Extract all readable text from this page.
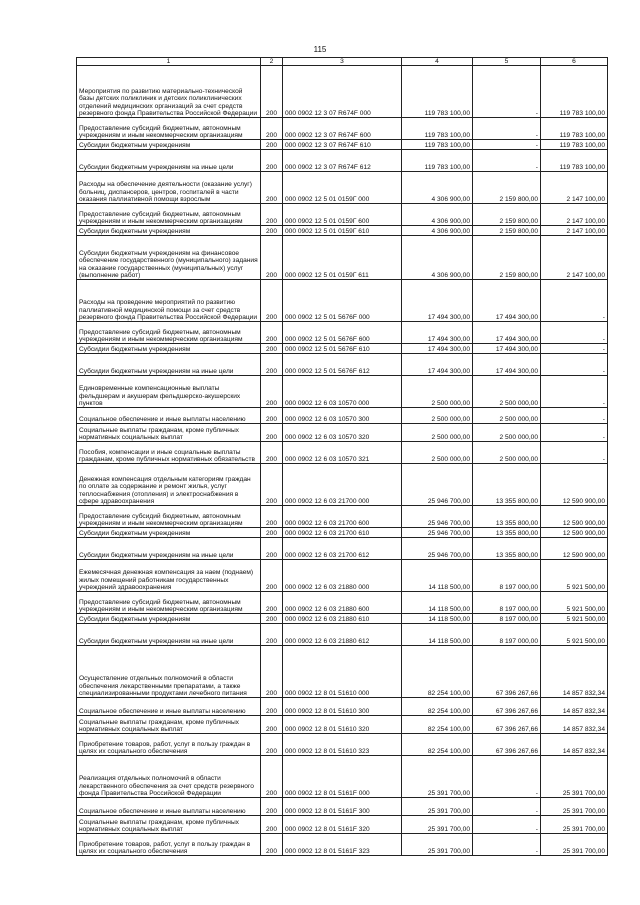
115
1	2	3	4	5	6
Мероприятия по развитию материально-технической базы детских поликлиник и детских поликлинических отделений медицинских организаций за счет средств резервного фонда Правительства Российской Федерации	200	000 0902 12 3 07 R674F 000	119 783 100,00	-	119 783 100,00
Предоставление субсидий бюджетным, автономным учреждениям и иным некоммерческим организациям	200	000 0902 12 3 07 R674F 600	119 783 100,00	-	119 783 100,00
Субсидии бюджетным учреждениям	200	000 0902 12 3 07 R674F 610	119 783 100,00	-	119 783 100,00
Субсидии бюджетным учреждениям на иные цели	200	000 0902 12 3 07 R674F 612	119 783 100,00	-	119 783 100,00
Расходы на обеспечение деятельности (оказание услуг) больниц, диспансеров, центров, госпиталей в части оказания паллиативной помощи взрослым	200	000 0902 12 5 01 0159Г 000	4 306 900,00	2 159 800,00	2 147 100,00
Предоставление субсидий бюджетным, автономным учреждениям и иным некоммерческим организациям	200	000 0902 12 5 01 0159Г 600	4 306 900,00	2 159 800,00	2 147 100,00
Субсидии бюджетным учреждениям	200	000 0902 12 5 01 0159Г 610	4 306 900,00	2 159 800,00	2 147 100,00
Субсидии бюджетным учреждениям на финансовое обеспечение государственного (муниципального) задания на оказание государственных (муниципальных) услуг (выполнение работ)	200	000 0902 12 5 01 0159Г 611	4 306 900,00	2 159 800,00	2 147 100,00
Расходы на проведение мероприятий по развитию паллиативной медицинской помощи за счет средств резервного фонда Правительства Российской Федерации	200	000 0902 12 5 01 5676F 000	17 494 300,00	17 494 300,00	-
Предоставление субсидий бюджетным, автономным учреждениям и иным некоммерческим организациям	200	000 0902 12 5 01 5676F 600	17 494 300,00	17 494 300,00	-
Субсидии бюджетным учреждениям	200	000 0902 12 5 01 5676F 610	17 494 300,00	17 494 300,00	-
Субсидии бюджетным учреждениям на иные цели	200	000 0902 12 5 01 5676F 612	17 494 300,00	17 494 300,00	-
Единовременные компенсационные выплаты фельдшерам и акушерам фельдшерско-акушерских пунктов	200	000 0902 12 6 03 10570 000	2 500 000,00	2 500 000,00	-
Социальное обеспечение и иные выплаты населению	200	000 0902 12 6 03 10570 300	2 500 000,00	2 500 000,00	-
Социальные выплаты гражданам, кроме публичных нормативных социальных выплат	200	000 0902 12 6 03 10570 320	2 500 000,00	2 500 000,00	-
Пособия, компенсации и иные социальные выплаты гражданам, кроме публичных нормативных обязательств	200	000 0902 12 6 03 10570 321	2 500 000,00	2 500 000,00	-
Денежная компенсация отдельным категориям граждан по оплате за содержание и ремонт жилья, услуг теплоснабжения (отопления) и электроснабжения в сфере здравоохранения	200	000 0902 12 6 03 21700 000	25 946 700,00	13 355 800,00	12 590 900,00
Предоставление субсидий бюджетным, автономным учреждениям и иным некоммерческим организациям	200	000 0902 12 6 03 21700 600	25 946 700,00	13 355 800,00	12 590 900,00
Субсидии бюджетным учреждениям	200	000 0902 12 6 03 21700 610	25 946 700,00	13 355 800,00	12 590 900,00
Субсидии бюджетным учреждениям на иные цели	200	000 0902 12 6 03 21700 612	25 946 700,00	13 355 800,00	12 590 900,00
Ежемесячная денежная компенсация за наем (поднаем) жилых помещений работникам государственных учреждений здравоохранения	200	000 0902 12 6 03 21880 000	14 118 500,00	8 197 000,00	5 921 500,00
Предоставление субсидий бюджетным, автономным учреждениям и иным некоммерческим организациям	200	000 0902 12 6 03 21880 600	14 118 500,00	8 197 000,00	5 921 500,00
Субсидии бюджетным учреждениям	200	000 0902 12 6 03 21880 610	14 118 500,00	8 197 000,00	5 921 500,00
Субсидии бюджетным учреждениям на иные цели	200	000 0902 12 6 03 21880 612	14 118 500,00	8 197 000,00	5 921 500,00
Осуществление отдельных полномочий в области обеспечения лекарственными препаратами, а также специализированными продуктами лечебного питания	200	000 0902 12 8 01 51610 000	82 254 100,00	67 396 267,66	14 857 832,34
Социальное обеспечение и иные выплаты населению	200	000 0902 12 8 01 51610 300	82 254 100,00	67 396 267,66	14 857 832,34
Социальные выплаты гражданам, кроме публичных нормативных социальных выплат	200	000 0902 12 8 01 51610 320	82 254 100,00	67 396 267,66	14 857 832,34
Приобретение товаров, работ, услуг в пользу граждан в целях их социального обеспечения	200	000 0902 12 8 01 51610 323	82 254 100,00	67 396 267,66	14 857 832,34
Реализация отдельных полномочий в области лекарственного обеспечения за счет средств резервного фонда Правительства Российской Федерации	200	000 0902 12 8 01 5161F 000	25 391 700,00	-	25 391 700,00
Социальное обеспечение и иные выплаты населению	200	000 0902 12 8 01 5161F 300	25 391 700,00	-	25 391 700,00
Социальные выплаты гражданам, кроме публичных нормативных социальных выплат	200	000 0902 12 8 01 5161F 320	25 391 700,00	-	25 391 700,00
Приобретение товаров, работ, услуг в пользу граждан в целях их социального обеспечения	200	000 0902 12 8 01 5161F 323	25 391 700,00	-	25 391 700,00
